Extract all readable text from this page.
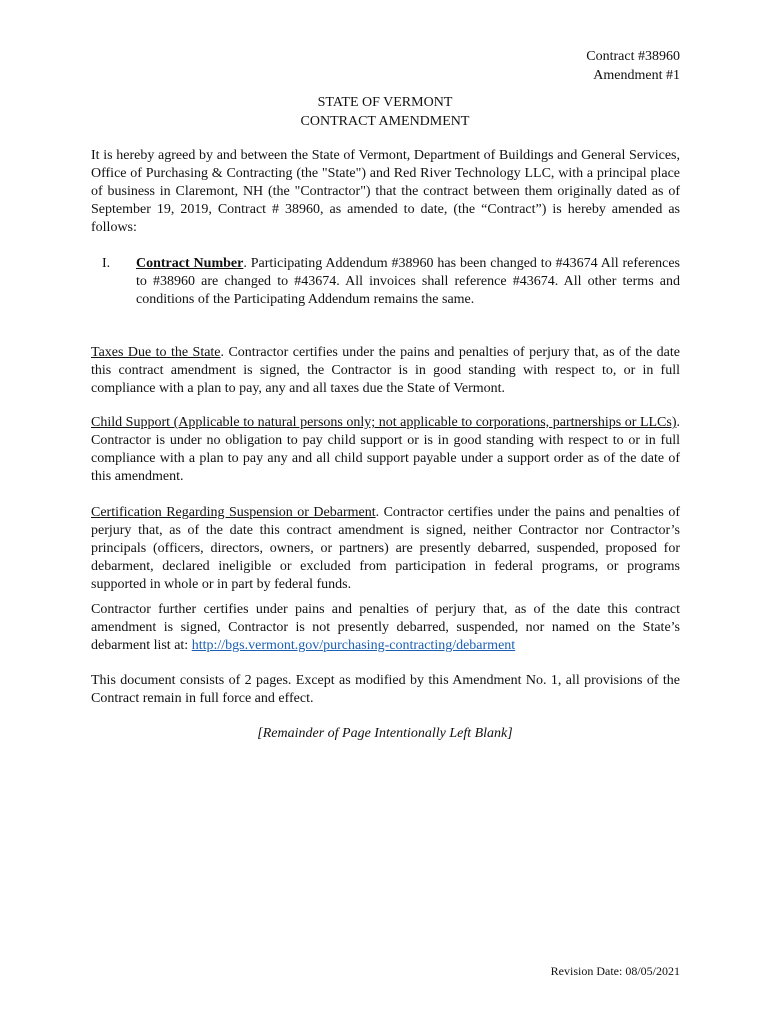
Contract #38960
Amendment #1
STATE OF VERMONT
CONTRACT AMENDMENT

It is hereby agreed by and between the State of Vermont, Department of Buildings and General Services, Office of Purchasing & Contracting (the "State") and Red River Technology LLC, with a principal place of business in Claremont, NH (the "Contractor") that the contract between them originally dated as of September 19, 2019, Contract # 38960, as amended to date, (the “Contract”) is hereby amended as follows:

I. Contract Number. Participating Addendum #38960 has been changed to #43674 All references to #38960 are changed to #43674. All invoices shall reference #43674. All other terms and conditions of the Participating Addendum remains the same.

Taxes Due to the State. Contractor certifies under the pains and penalties of perjury that, as of the date this contract amendment is signed, the Contractor is in good standing with respect to, or in full compliance with a plan to pay, any and all taxes due the State of Vermont.

Child Support (Applicable to natural persons only; not applicable to corporations, partnerships or LLCs). Contractor is under no obligation to pay child support or is in good standing with respect to or in full compliance with a plan to pay any and all child support payable under a support order as of the date of this amendment.

Certification Regarding Suspension or Debarment. Contractor certifies under the pains and penalties of perjury that, as of the date this contract amendment is signed, neither Contractor nor Contractor’s principals (officers, directors, owners, or partners) are presently debarred, suspended, proposed for debarment, declared ineligible or excluded from participation in federal programs, or programs supported in whole or in part by federal funds.

Contractor further certifies under pains and penalties of perjury that, as of the date this contract amendment is signed, Contractor is not presently debarred, suspended, nor named on the State’s debarment list at: http://bgs.vermont.gov/purchasing-contracting/debarment

This document consists of 2 pages. Except as modified by this Amendment No. 1, all provisions of the Contract remain in full force and effect.

[Remainder of Page Intentionally Left Blank]
Revision Date: 08/05/2021
